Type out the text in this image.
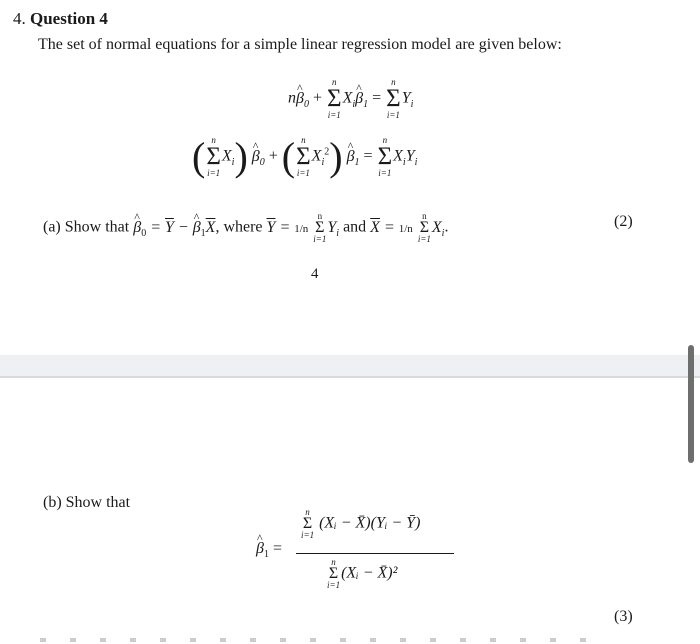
4. Question 4
The set of normal equations for a simple linear regression model are given below:
n^ $\beta_0$ +
n
Σ
i=1
$X_i\^{}$ $\beta_1$ =
n
Σ
i=1
$Y_i$
( n
Σ
i=1
$X_i$) ^ $\beta_0$ + ( n
Σ
i=1
$X_i^2$) ^ $\beta_1$ =
n
Σ
i=1
$X_iY_i$
(a) Show that ^ $\beta_0 = \overline{Y}$ − ^ $\beta_1\overline{X}$, where $\overline{Y} = 1/n$
n
Σ
i=1
$Y_i$ and $\overline{X} = 1/n$
n
Σ
i=1
$X_i$.	(2)
4
(b) Show that
^ $\beta_1$ =
n
Σ
i=1
(Xᵢ − X̄)(Yᵢ − Ȳ)
n
Σ
i=1
(Xᵢ − X̄)²
(3)
